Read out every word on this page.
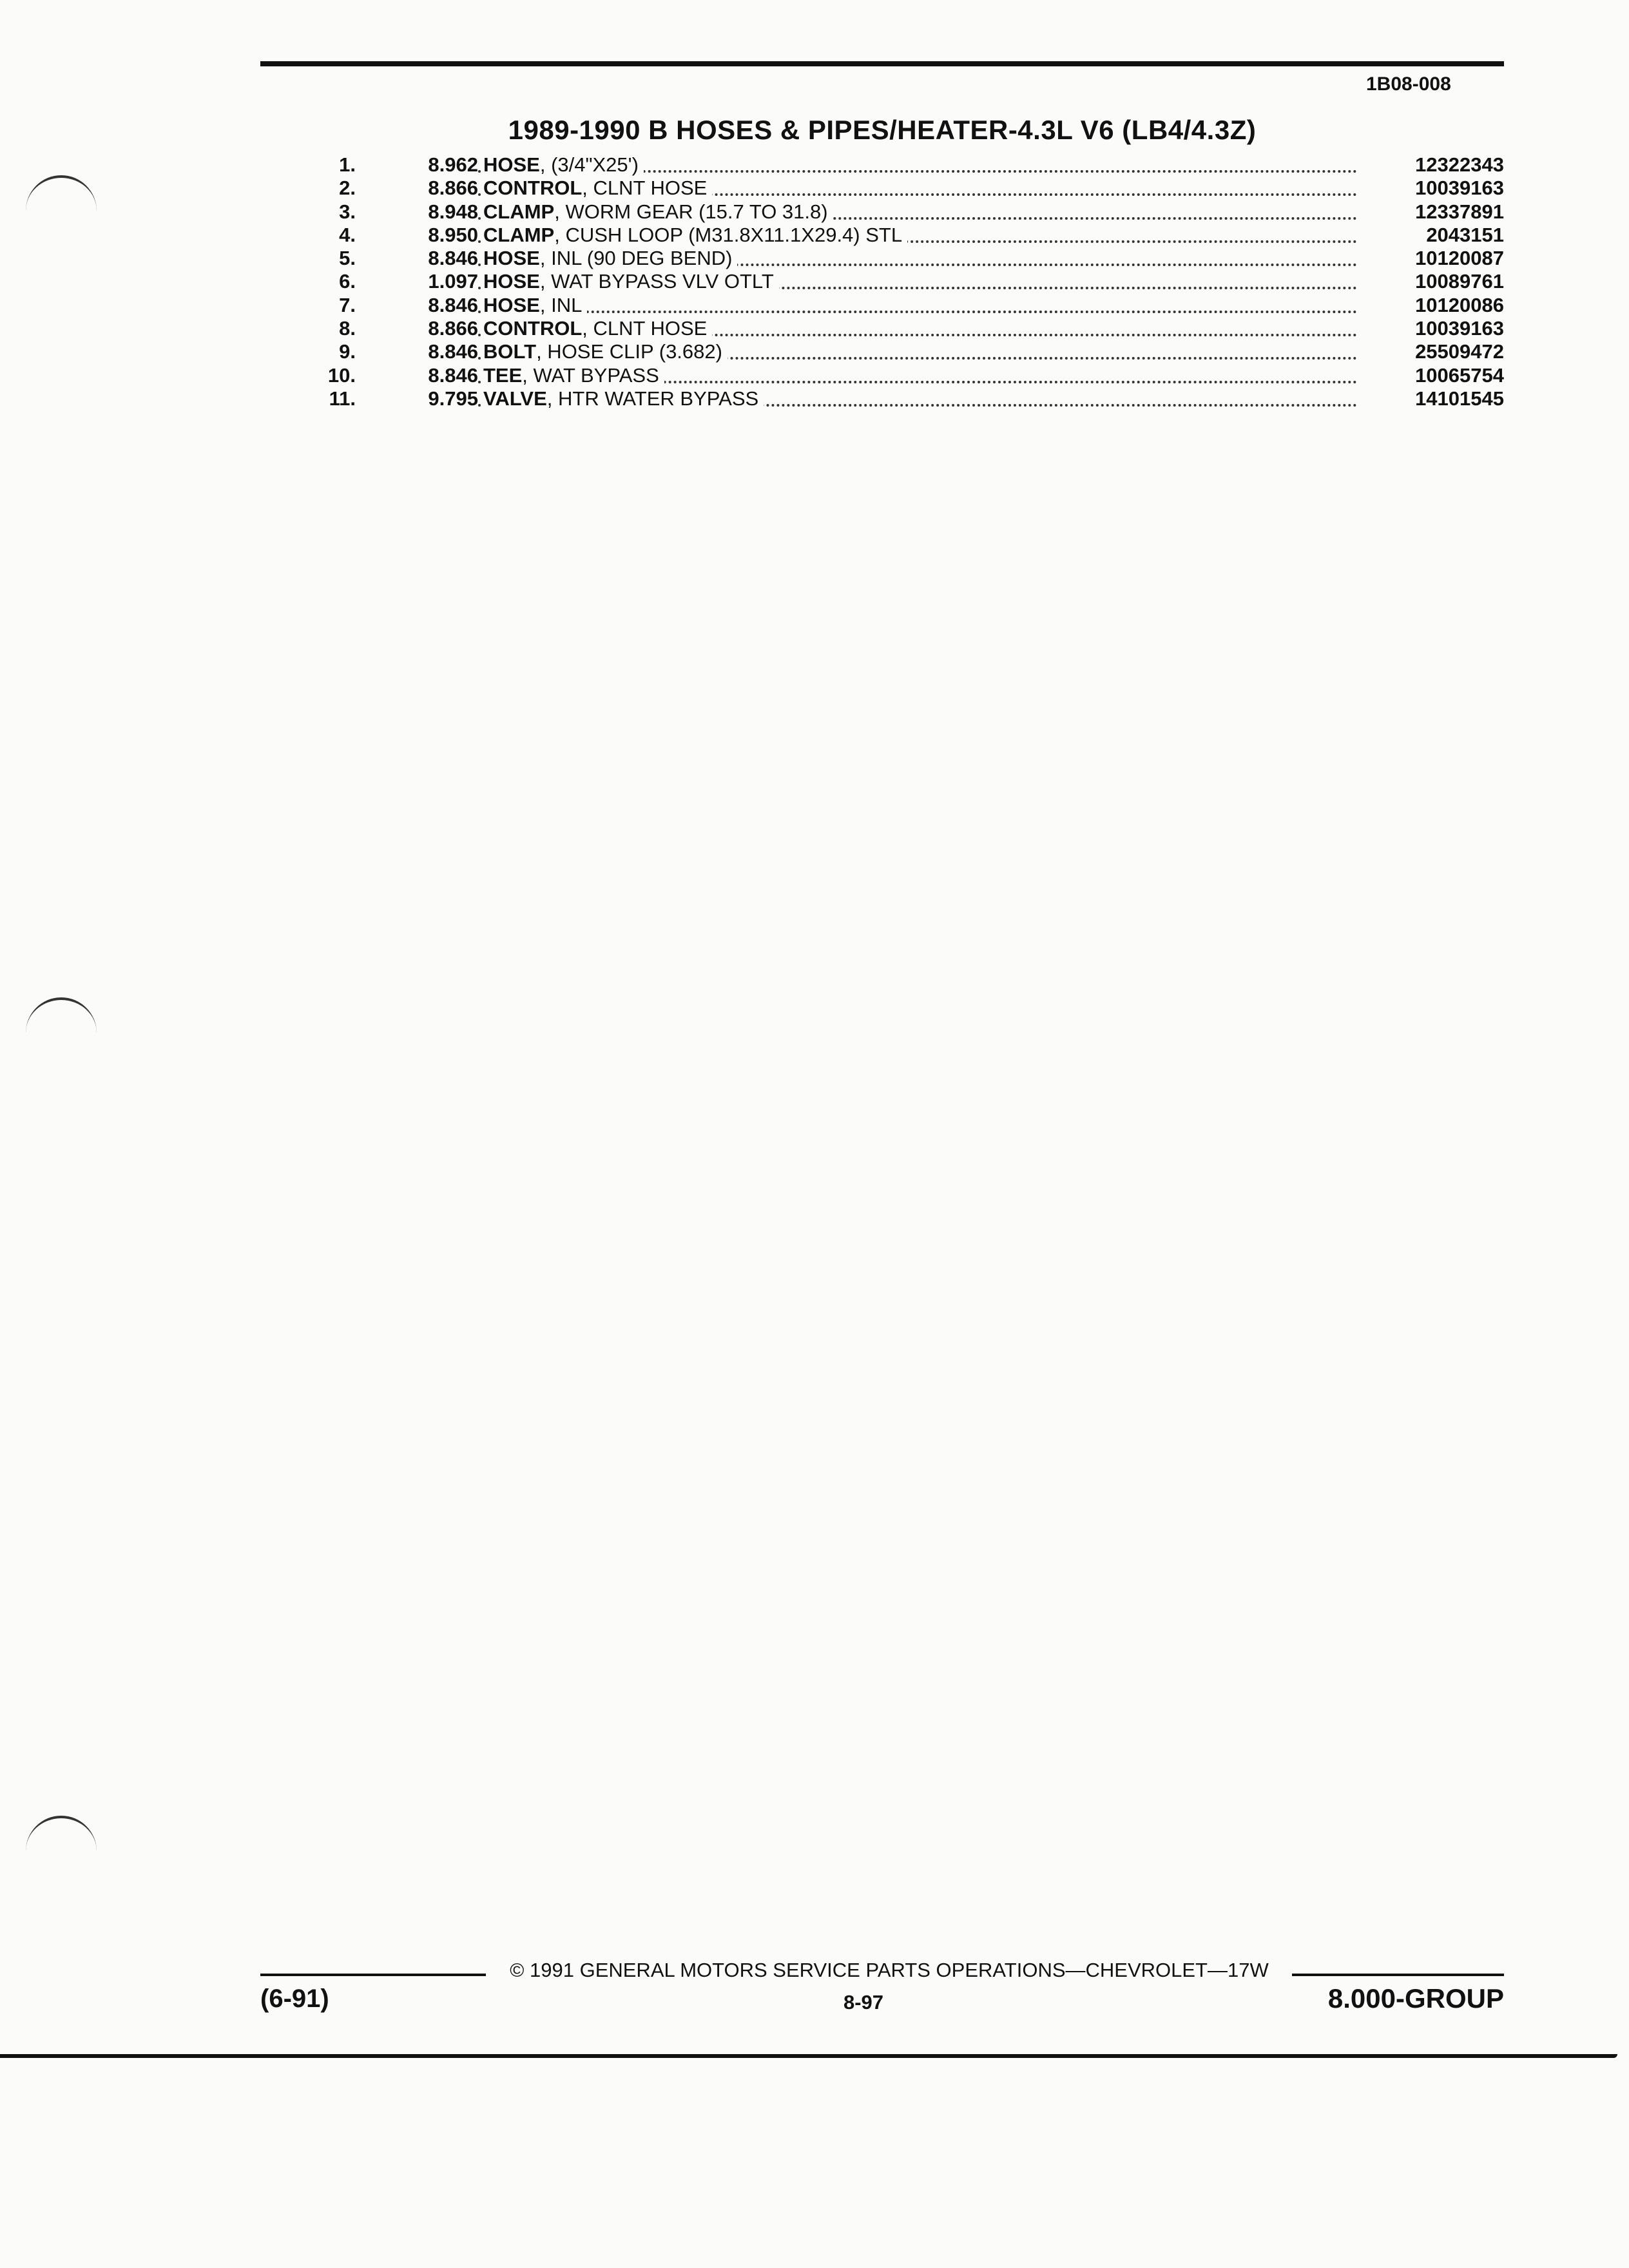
1B08-008
1989-1990 B HOSES & PIPES/HEATER-4.3L V6 (LB4/4.3Z)
1.	8.962 HOSE, (3/4"X25')	12322343
2.	8.866 CONTROL, CLNT HOSE	10039163
3.	8.948 CLAMP, WORM GEAR (15.7 TO 31.8)	12337891
4.	8.950 CLAMP, CUSH LOOP (M31.8X11.1X29.4) STL	2043151
5.	8.846 HOSE, INL (90 DEG BEND)	10120087
6.	1.097 HOSE, WAT BYPASS VLV OTLT	10089761
7.	8.846 HOSE, INL	10120086
8.	8.866 CONTROL, CLNT HOSE	10039163
9.	8.846 BOLT, HOSE CLIP (3.682)	25509472
10.	8.846 TEE, WAT BYPASS	10065754
11.	9.795 VALVE, HTR WATER BYPASS	14101545
© 1991 GENERAL MOTORS SERVICE PARTS OPERATIONS—CHEVROLET—17W
(6-91)	8-97	8.000-GROUP
